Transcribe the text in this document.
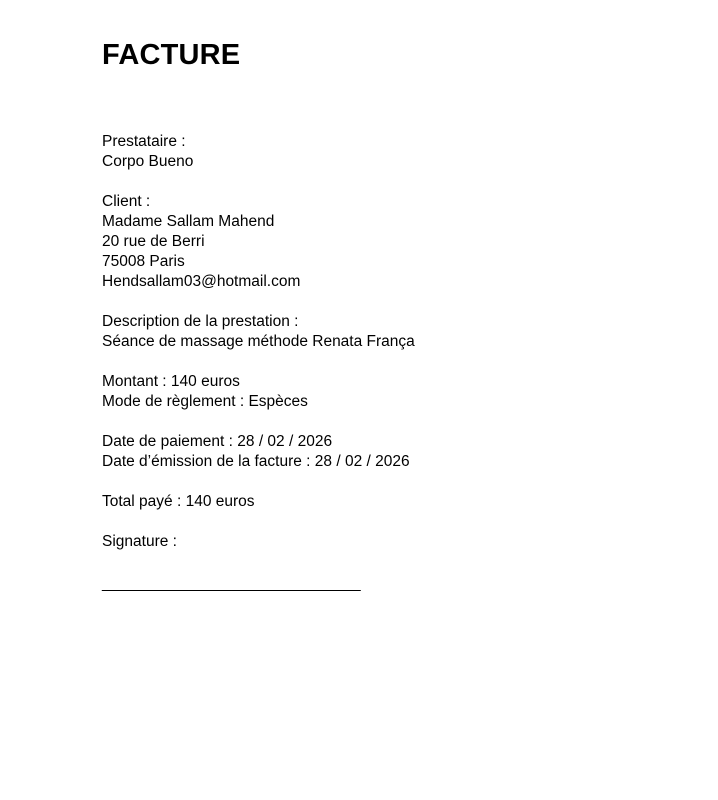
FACTURE
Prestataire :
Corpo Bueno
Client :
Madame Sallam Mahend
20 rue de Berri
75008 Paris
Hendsallam03@hotmail.com
Description de la prestation :
Séance de massage méthode Renata França
Montant : 140 euros
Mode de règlement : Espèces
Date de paiement : 28 / 02 / 2026
Date d’émission de la facture : 28 / 02 / 2026
Total payé : 140 euros
Signature :
______________________________
